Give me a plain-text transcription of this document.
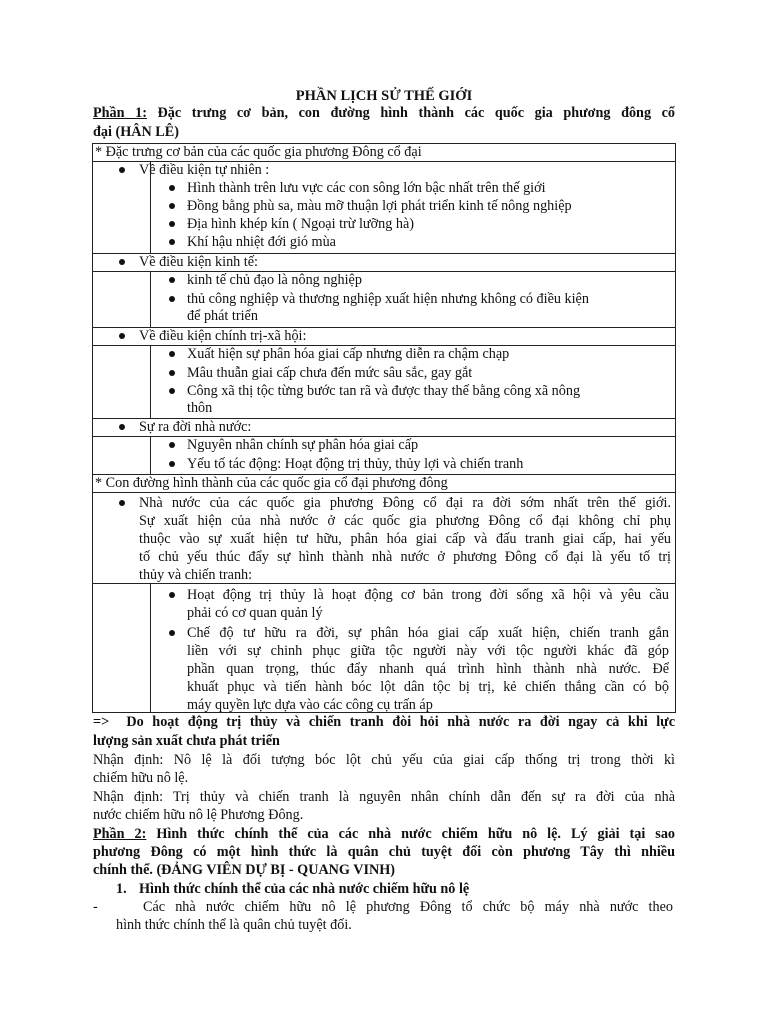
PHẦN LỊCH SỬ THẾ GIỚI
Phần 1: Đặc trưng cơ bản, con đường hình thành các quốc gia phương đông cổ
đại (HÂN LÊ)
* Đặc trưng cơ bản của các quốc gia phương Đông cổ đại
Về điều kiện tự nhiên :
Hình thành trên lưu vực các con sông lớn bậc nhất trên thế giới
Đồng bằng phù sa, màu mỡ thuận lợi phát triển kinh tế nông nghiệp
Địa hình khép kín ( Ngoại trừ lưỡng hà)
Khí hậu nhiệt đới gió mùa
Về điều kiện kinh tế:
kinh tế chủ đạo là nông nghiệp
thủ công nghiệp và thương nghiệp xuất hiện nhưng không có điều kiện
để phát triển
Về điều kiện chính trị-xã hội:
Xuất hiện sự phân hóa giai cấp nhưng diễn ra chậm chạp
Mâu thuẫn giai cấp chưa đến mức sâu sắc, gay gắt
Công xã thị tộc từng bước tan rã và được thay thế bằng công xã nông
thôn
Sự ra đời nhà nước:
Nguyên nhân chính sự phân hóa giai cấp
Yếu tố tác động: Hoạt động trị thủy, thủy lợi và chiến tranh
* Con đường hình thành của các quốc gia cổ đại phương đông
Nhà nước của các quốc gia phương Đông cổ đại ra đời sớm nhất trên thế giới.
Sự xuất hiện của nhà nước ở các quốc gia phương Đông cổ đại không chỉ phụ
thuộc vào sự xuất hiện tư hữu, phân hóa giai cấp và đấu tranh giai cấp, hai yếu
tố chủ yếu thúc đẩy sự hình thành nhà nước ở phương Đông cổ đại là yếu tố trị
thủy và chiến tranh:
Hoạt động trị thủy là hoạt động cơ bản trong đời sống xã hội và yêu cầu
phải có cơ quan quản lý
Chế độ tư hữu ra đời, sự phân hóa giai cấp xuất hiện, chiến tranh gắn
liền với sự chinh phục giữa tộc người này với tộc người khác đã góp
phần quan trọng, thúc đẩy nhanh quá trình hình thành nhà nước. Để
khuất phục và tiến hành bóc lột dân tộc bị trị, kẻ chiến thắng cần có bộ
máy quyền lực dựa vào các công cụ trấn áp
=> Do hoạt động trị thủy và chiến tranh đòi hỏi nhà nước ra đời ngay cả khi lực
lượng sản xuất chưa phát triển
Nhận định: Nô lệ là đối tượng bóc lột chủ yếu của giai cấp thống trị trong thời kì
chiếm hữu nô lệ.
Nhận định: Trị thủy và chiến tranh là nguyên nhân chính dẫn đến sự ra đời của nhà
nước chiếm hữu nô lệ Phương Đông.
Phần 2: Hình thức chính thể của các nhà nước chiếm hữu nô lệ. Lý giải tại sao
phương Đông có một hình thức là quân chủ tuyệt đối còn phương Tây thì nhiều
chính thể. (ĐẢNG VIÊN DỰ BỊ - QUANG VINH)
1. Hình thức chính thể của các nhà nước chiếm hữu nô lệ
-	Các nhà nước chiếm hữu nô lệ phương Đông tổ chức bộ máy nhà nước theo
hình thức chính thể là quân chủ tuyệt đối.
